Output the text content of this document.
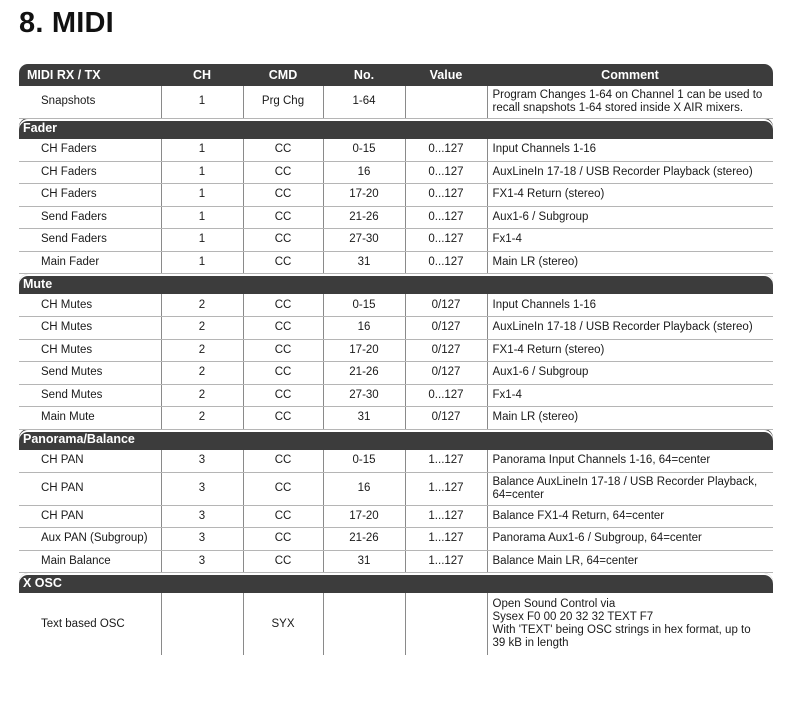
8. MIDI
MIDI RX / TX	CH	CMD	No.	Value	Comment
Snapshots	1	Prg Chg	1-64		Program Changes 1-64 on Channel 1 can be used to
recall snapshots 1-64 stored inside X AIR mixers.

Fader					
CH Faders	1	CC	0-15	0...127	Input Channels 1-16

CH Faders	1	CC	16	0...127	AuxLineIn 17-18 / USB Recorder Playback (stereo)

CH Faders	1	CC	17-20	0...127	FX1-4 Return (stereo)

Send Faders	1	CC	21-26	0...127	Aux1-6 / Subgroup

Send Faders	1	CC	27-30	0...127	Fx1-4

Main Fader	1	CC	31	0...127	Main LR (stereo)

Mute					
CH Mutes	2	CC	0-15	0/127	Input Channels 1-16

CH Mutes	2	CC	16	0/127	AuxLineIn 17-18 / USB Recorder Playback (stereo)

CH Mutes	2	CC	17-20	0/127	FX1-4 Return (stereo)

Send Mutes	2	CC	21-26	0/127	Aux1-6 / Subgroup

Send Mutes	2	CC	27-30	0...127	Fx1-4

Main Mute	2	CC	31	0/127	Main LR (stereo)

Panorama/Balance					
CH PAN	3	CC	0-15	1...127	Panorama Input Channels 1-16, 64=center

CH PAN	3	CC	16	1...127	Balance AuxLineIn 17-18 / USB Recorder Playback,
64=center

CH PAN	3	CC	17-20	1...127	Balance FX1-4 Return, 64=center

Aux PAN (Subgroup)	3	CC	21-26	1...127	Panorama Aux1-6 / Subgroup, 64=center

Main Balance	3	CC	31	1...127	Balance Main LR, 64=center

X OSC					
Text based OSC		SYX			Open Sound Control via
Sysex F0 00 20 32 32 TEXT F7
With 'TEXT' being OSC strings in hex format, up to
39 kB in length
